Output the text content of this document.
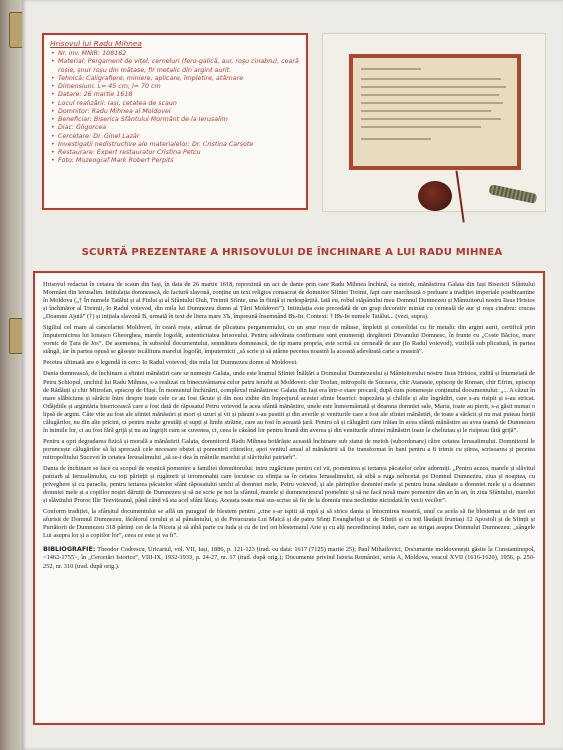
Hrisovul lui Radu Mihnea
• Nr. inv. MNIR: 108162
• Material: Pergament de vițel, cerneluri (fero-galică, aur, roșu cinabru), ceară roșie, șnur roșu din mătase, fir metalic din argint aurit.
• Tehnică: Caligrafiere, miniere, aplicare, împletire, atârnare
• Dimensiuni: L= 45 cm; l= 70 cm
• Datare: 26 martie 1618
• Locul realizării: Iași, cetatea de scaun
• Domnitor: Radu Mihnea al Moldovei
• Beneficiar: Biserica Sfântului Mormânt de la Ierusalim
• Diac: Gligorcea
• Cercetare: Dr. Ginel Lazăr
• Investigații nedistructive ale materialelor: Dr. Cristina Carșote
• Restaurare: Expert restaurator Cristina Petcu
• Foto: Muzeograf Mark Robert Perpits
SCURTĂ PREZENTARE A HRISOVULUI DE ÎNCHINARE A LUI RADU MIHNEA

Hrisovul redactat în cetatea de scaun din Iași, în data de 26 martie 1618, reprezintă un act de danie prin care Radu Mihnea închină, ca metoh, mănăstirea Galata din Iași Bisericii Sfântului Mormânt din Ierusalim. Intitulația domnească, de factură slavonă, conține un text religios consacrat de domnitor Sfintei Treimi, fapt care marchează o preluare a tradiției imperiale postbizantine în Moldova („† În numele Tatălui și al Fiului și al Sfântului Duh, Treimii Sfinte, una în ființă și nedespărțită. Iată eu, robul stăpânului meu Domnul Dumnezeu și Mântuitorul nostru Iisus Hristos și închinător al Treimii, Io Radul voievod, din mila lui Dumnezeu domn al Țării Moldovei”). Intitulația este precedată de un grup decorativ miniat cu cerneală de aur și roșu cinabru: crucea „Doamne Ajută” (†) și inițiala slavonă В, urmată în text de litera mare ЗЪ, împreună însemnând В҃ъ-Ін. Context: † В҃ъ-Ін numele Tatălui... (vezi, supra).

Sigiliul cel mare al cancelariei Moldovei, în ceară roșie, atârnat de plicatura pergamentului, cu un șnur roșu de mătase, împletit și consolidat cu fir metalic din argint aurit, certifică prin împuternicirea lui Ionașco Gheorghea, marele logofăt, autenticitatea hrisovului. Pentru adevărata confirmare sunt enumerați dregătorii Divanului Domnesc, în frunte cu „Coste Băcioc, mare vornic de Țara de Jos”. De asemenea, în subsolul documentului, semnătura domnească, de tip manu propria, este scrisă cu cerneală de aur (Io Radul voievod), vizibilă sub plicatură, în partea stângă, iar în partea opusă se găsește iscălitura marelui logofăt, împuternicit „să scrie și să atârne pecetea noastră la această adevărată carte a noastră”.

Pecetea ultimată are o legendă în cerc: Io Radul voievod, din mila lui Dumnezeu domn al Moldovei.

Dania domnească, de închinare a sfintei mănăstiri care se numește Galata, unde este hramul Sfintei Înălțări a Domnului Dumnezeului și Mântuitorului nostru Iisus Hristos, zidită și întemeiată de Petru Șchiopul, unchiul lui Radu Mihnea, s-a realizat cu binecuvântarea celor patru ierarhi ai Moldovei: chir Teofan, mitropolit de Suceava, chir Atanasie, episcop de Roman, chir Efrim, episcop de Rădăuți și chir Mitrofan, episcop de Huși. În momentul închinării, complexul mănăstiresc Galata din Iași era într-o stare precară, după cum pomenește conținutul documentului: „... A căzut în mare slăbiciune și sărăcie între despre toate cele ce au fost făcute și din nou zidite din împrejurul acestei sfinte biserici: trapezăria și chiliile și alte îngrădiri, care s-au risipit și s-au stricat. Odăjdiile și argintăria bisericească care a fost dată de răposatul Petru voievod la acea sfântă mănăstire, unele este înmormântată și deamna domniei sale, Maria, toate au pierit, s-a găsit numai o lipsă de argint. Câte vite au fost ale sfintei mănăstiri și mori și uzuri și vii și păsuni s-au pustiit și din averile și veniturile care a fost ale sfintei mănăstiri, de toate a sărăcit și nu mai puteau bieții călugărilor, nu din alte pricini, ci pentru multe greutăți și supți și limbi străine, care au fost în această țară. Pentru că și călugării care trăiau în acea sfântă mănăstire au avea teamă de Dumnezeu în inimile lor, ci au fost fără grijă și nu au îngrijit cum se cuvenea, ci, ceea le căzând lor pentru hrană din averea și din veniturile sfintei mănăstiri toate le cheltuiau și le risipeau fără grijă”.

Pentru a opri degradarea fizică și morală a mănăstirii Galata, domnitorul Radu Mihnea hotărăște această închinare sub statut de metoh (subordonare) către cetatea Ierusalimului. Domnitorul le poruncește călugărilor să își sprecază cele necesare obștei și pomenirii ctitorilor, apoi venitul anual al mănăstirii să fie transformat în bani pentru a fi trimis cu știrea, scrisoarea și pecetea mitropolitului Sucevei în cetatea Ierusalimului „să se-i dea în mâinile marelui și slăvitului patriarh”.

Dania de închinare se face cu scopul de veșnică pomenire a familiei domnitorului: intru rugăciune pentru cei vii, pomenirea și iertarea păcatelor celor adormiți. „Pentru aceea, marele și slăvitul patriarh al Ierusalimului, cu toți părinții și rugătorii și ieromonahii care locuiesc cu sfinția sa în cetatea Ierusalimului, să aibă a ruga neîncetat pe Domnul Dumnezeu, ziua și noaptea, cu priveghere și cu paraclis, pentru iertarea păcatelor sfânt răposatului unchi al domniei mele, Petru voievod, și ale părinților domniei mele și pentru buna sănătate a domniei mele și a doamnei domniei mele și a copiilor noștri dăruiți de Dumnezeu și să ne scrie pe noi la sfântul, marele și dumnezeiescul pomelnic și să ne facă nouă mare pomenire din an în an, în ziua Sfântului, marelui și slăvitului Proroc Ilie Tezviteanul, până când vă sta acel sfânt lăcaș. Aceasta toate mai sus-scrise să fie de la domnia mea neclintite niciodată în vecii vecilor”.

Conform tradiției, la sfârșitul documentului se află un paragraf de blestem pentru „cine s-ar ispiti să rupă și să strice dania și întocmirea noastră, unul ca acela să fie blestemat și de trei ori afurisit de Domnul Dumnezeu, făcătorul cerului și al pământului, și de Preacurata Lui Maică și de patru Sfinți Evangheliști și de Sfinții și cu toți lăudații fruntași 12 Apostoli și de Sfinții și Purtătorii de Dumnezeu 318 părinți cei de la Niceia și să aibă parte cu Iuda și cu de trei ori blestematul Arie și cu alți necredincioși iudei, care au strigat asupra Domnului Dumnezeu: „sângele Lui asupra lor și a copiilor lor”, ceea ce este și va fi”.

BIBLIOGRAFIE: Theodor Codrescu, Uricariul, vol. VII, Iași, 1886, p. 121-123 (trad. cu data: 1617 (7125) martie 25); Paul Mihailovici, Documente moldovenești găsite la Constantinopol, <1462-1755>, în „Cercetări Istorice”, VIII-IX, 1932-1933, p. 24-27, nr. 17 (trad. după orig.); Documente privind Istoria României, seria A, Moldova, veacul XVII (1616-1620), 1956, p. 250-252, nr. 310 (trad. după orig.).
